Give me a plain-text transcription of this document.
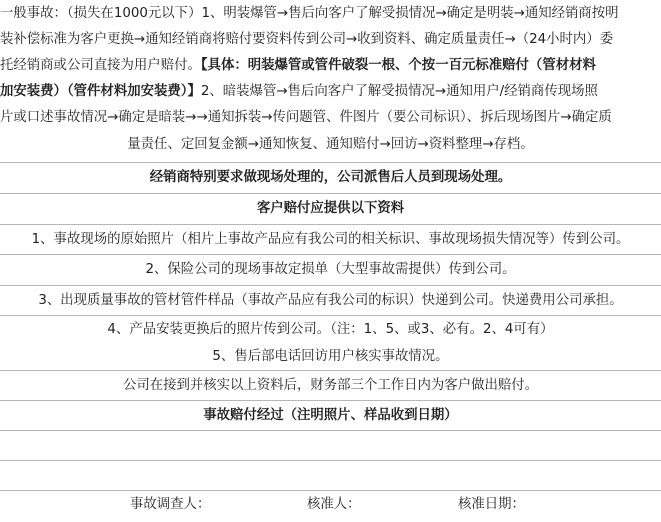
一般事故：（损失在1000元以下）1、明装爆管→售后向客户了解受损情况→确定是明装→通知经销商按明
装补偿标准为客户更换→通知经销商将赔付要资料传到公司→收到资料、确定质量责任→（24小时内）委
托经销商或公司直接为用户赔付。【具体：明装爆管或管件破裂一根、个按一百元标准赔付（管材材料
加安装费）（管件材料加安装费）】2、暗装爆管→售后向客户了解受损情况→通知用户/经销商传现场照
片或口述事故情况→确定是暗装→→通知拆装→传问题管、件图片（要公司标识）、拆后现场图片→确定质
量责任、定回复金额→通知恢复、通知赔付→回访→资料整理→存档。
经销商特别要求做现场处理的，公司派售后人员到现场处理。
客户赔付应提供以下资料
1、事故现场的原始照片（相片上事故产品应有我公司的相关标识、事故现场损失情况等）传到公司。
2、保险公司的现场事故定损单（大型事故需提供）传到公司。
3、出现质量事故的管材管件样品（事故产品应有我公司的标识）快递到公司。快递费用公司承担。
4、产品安装更换后的照片传到公司。（注：1、5、或3、必有。2、4可有）
5、售后部电话回访用户核实事故情况。
公司在接到并核实以上资料后，财务部三个工作日内为客户做出赔付。
事故赔付经过（注明照片、样品收到日期）
事故调查人：	核准人：	核准日期：
